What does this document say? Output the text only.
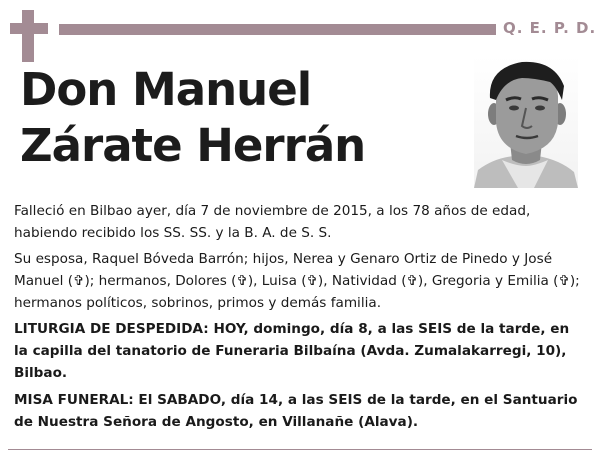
Q. E. P. D.
Don Manuel
Zárate Herrán

Falleció en Bilbao ayer, día 7 de noviembre de 2015, a los 78 años de edad, habiendo recibido los SS. SS. y la B. A. de S. S.

Su esposa, Raquel Bóveda Barrón; hijos, Nerea y Genaro Ortiz de Pinedo y José Manuel (✞); hermanos, Dolores (✞), Luisa (✞), Natividad (✞), Gregoria y Emilia (✞); hermanos políticos, sobrinos, primos y demás familia.

LITURGIA DE DESPEDIDA: HOY, domingo, día 8, a las SEIS de la tarde, en la capilla del tanatorio de Funeraria Bilbaína (Avda. Zumalakarregi, 10), Bilbao.

MISA FUNERAL: El SABADO, día 14, a las SEIS de la tarde, en el Santuario de Nuestra Señora de Angosto, en Villanañe (Alava).
